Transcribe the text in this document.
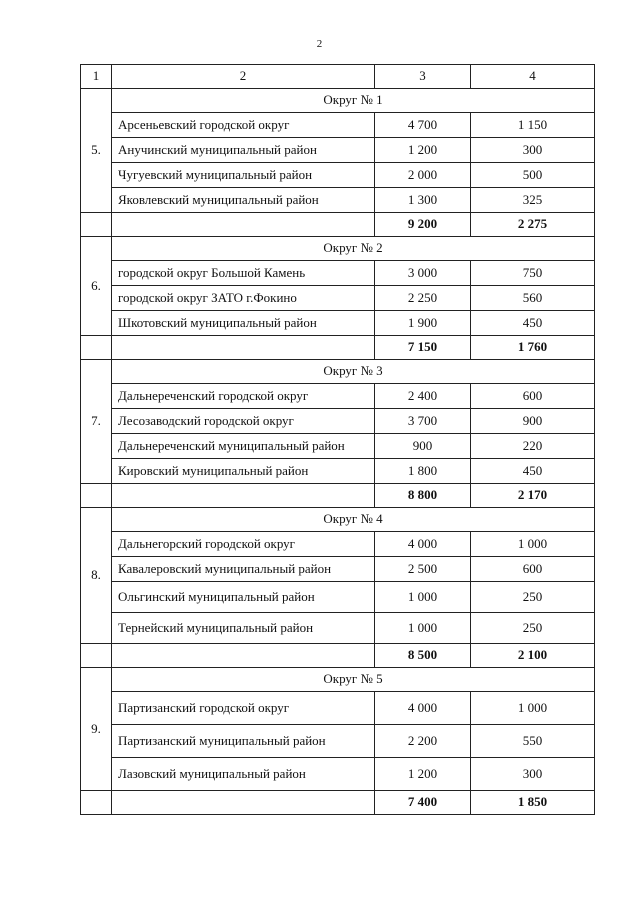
2
1	2	3	4
5.	Округ № 1		
	Арсеньевский городской округ	4 700	1 150
	Анучинский муниципальный район	1 200	300
	Чугуевский муниципальный район	2 000	500
	Яковлевский муниципальный район	1 300	325
		9 200	2 275
6.	Округ № 2		
	городской округ Большой Камень	3 000	750
	городской округ ЗАТО г.Фокино	2 250	560
	Шкотовский муниципальный район	1 900	450
		7 150	1 760
7.	Округ № 3		
	Дальнереченский городской округ	2 400	600
	Лесозаводский городской округ	3 700	900
	Дальнереченский муниципальный район	900	220
	Кировский муниципальный район	1 800	450
		8 800	2 170
8.	Округ № 4		
	Дальнегорский городской округ	4 000	1 000
	Кавалеровский муниципальный район	2 500	600
	Ольгинский муниципальный район	1 000	250
	Тернейский муниципальный район	1 000	250
		8 500	2 100
9.	Округ № 5		
	Партизанский городской округ	4 000	1 000
	Партизанский муниципальный район	2 200	550
	Лазовский муниципальный район	1 200	300
		7 400	1 850
